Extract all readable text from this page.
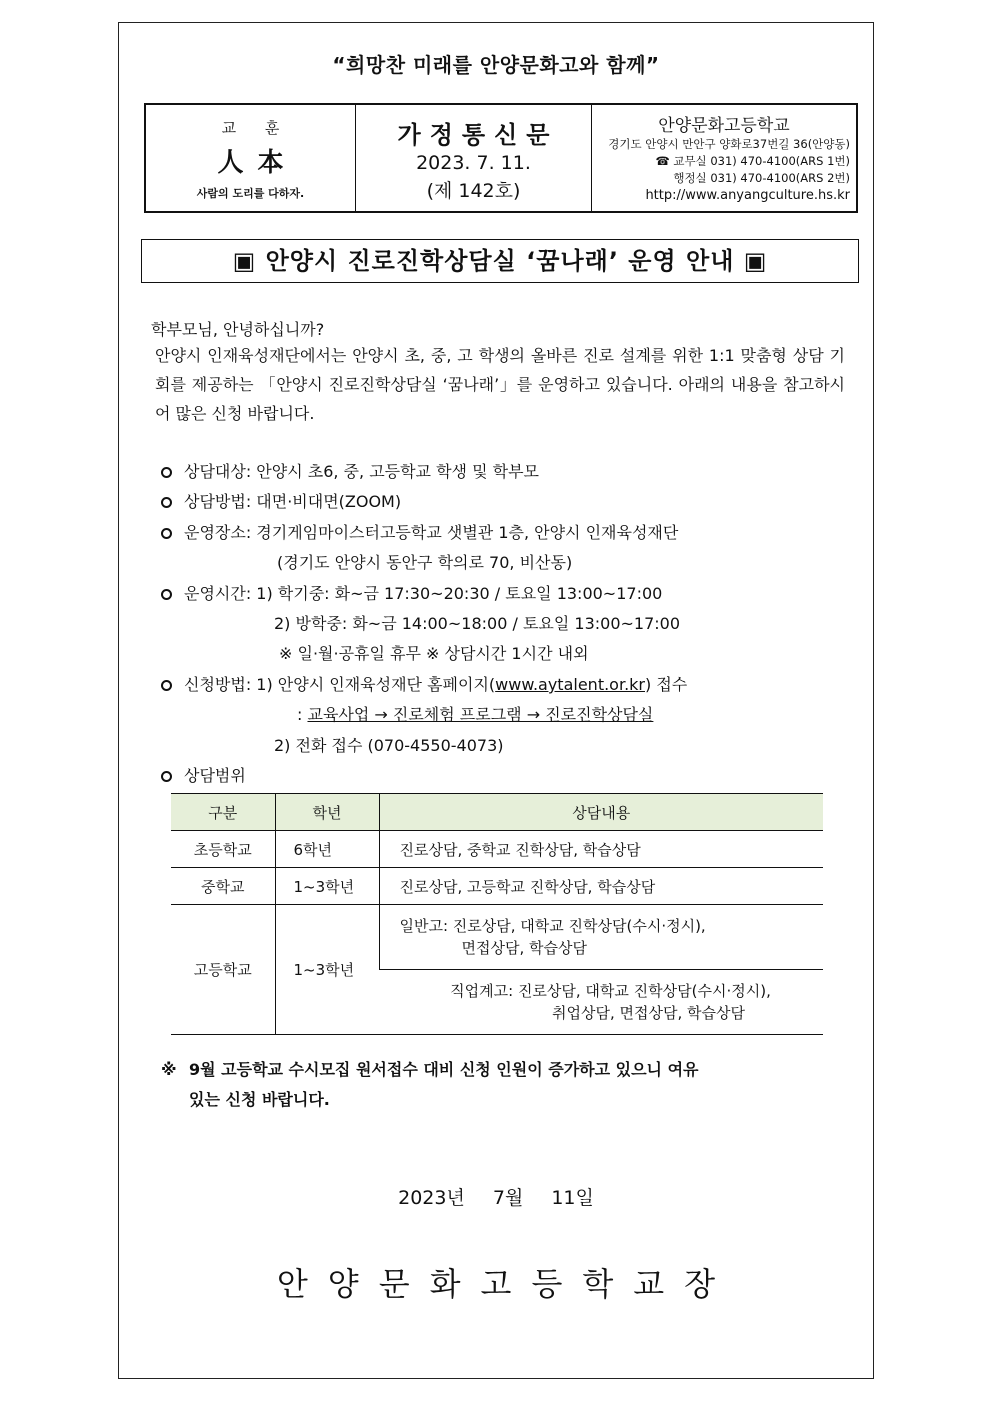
“희망찬 미래를 안양문화고와 함께”
교 훈
人本
사람의 도리를 다하자.
가정통신문
2023. 7. 11.
(제 142호)
안양문화고등학교
경기도 안양시 만안구 양화로37번길 36(안양동)
☎ 교무실 031) 470-4100(ARS 1번)
행정실 031) 470-4100(ARS 2번)
http://www.anyangculture.hs.kr
▣ 안양시 진로진학상담실 ‘꿈나래’ 운영 안내 ▣
학부모님, 안녕하십니까?
안양시 인재육성재단에서는 안양시 초, 중, 고 학생의 올바른 진로 설계를 위한 1:1 맞춤형 상담 기회를 제공하는 「안양시 진로진학상담실 ‘꿈나래’」를 운영하고 있습니다. 아래의 내용을 참고하시어 많은 신청 바랍니다.
상담대상: 안양시 초6, 중, 고등학교 학생 및 학부모
상담방법: 대면·비대면(ZOOM)
운영장소: 경기게임마이스터고등학교 샛별관 1층, 안양시 인재육성재단
(경기도 안양시 동안구 학의로 70, 비산동)
운영시간: 1) 학기중: 화~금 17:30~20:30 / 토요일 13:00~17:00
2) 방학중: 화~금 14:00~18:00 / 토요일 13:00~17:00
※ 일·월·공휴일 휴무 ※ 상담시간 1시간 내외
신청방법: 1) 안양시 인재육성재단 홈페이지(www.aytalent.or.kr) 접수
: 교육사업 → 진로체험 프로그램 → 진로진학상담실
2) 전화 접수 (070-4550-4073)
상담범위
구분	학년	상담내용
초등학교	6학년	진로상담, 중학교 진학상담, 학습상담
중학교	1~3학년	진로상담, 고등학교 진학상담, 학습상담
고등학교	1~3학년	일반고: 진로상담, 대학교 진학상담(수시·정시),
면접상담, 학습상담

		직업계고: 진로상담, 대학교 진학상담(수시·정시),
취업상담, 면접상담, 학습상담
※ 9월 고등학교 수시모집 원서접수 대비 신청 인원이 증가하고 있으니 여유
있는 신청 바랍니다.
2023년 7월 11일
안양문화고등학교장
